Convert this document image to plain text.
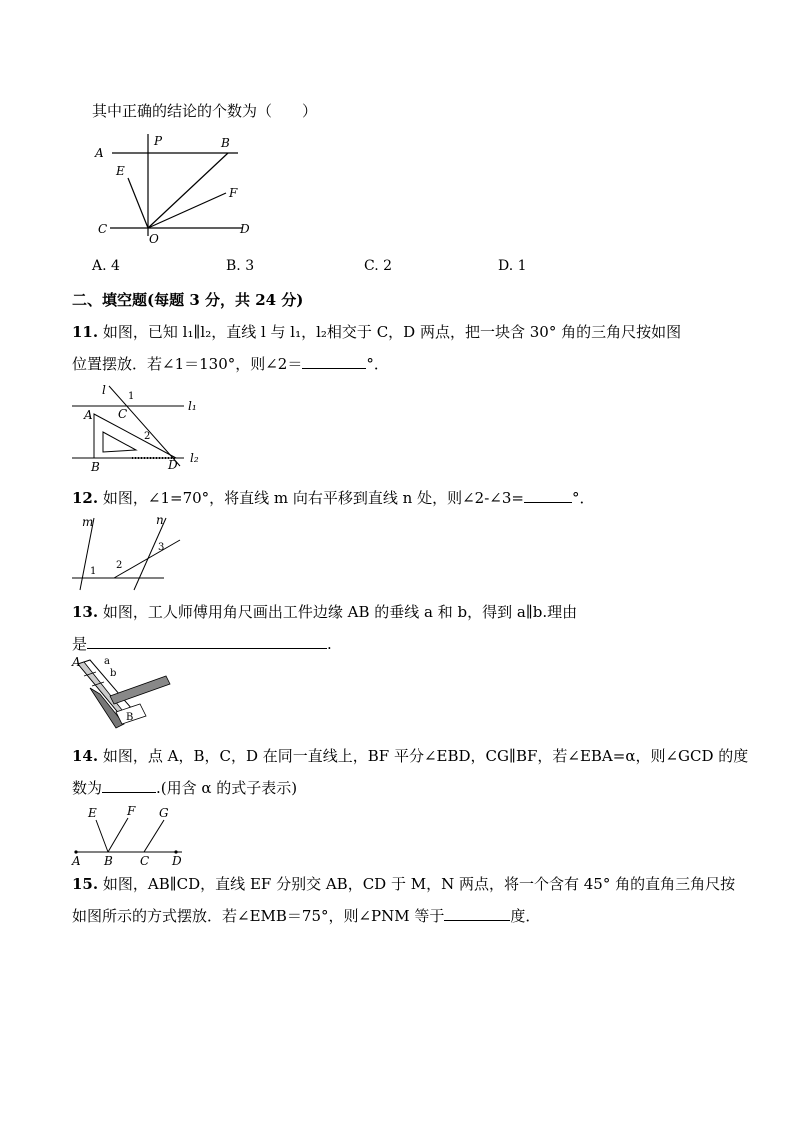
其中正确的结论的个数为（　　）
A
P	B
E
F
C
O
D
A. 4	B. 3	C. 2	D. 1
二、填空题(每题 3 分，共 24 分)
11. 如图，已知 l₁∥l₂，直线 l 与 l₁，l₂相交于 C，D 两点，把一块含 30° 角的三角尺按如图
位置摆放．若∠1＝130°，则∠2＝	°．
l 1
l₁
A C
2
B	D l₂
12. 如图，∠1=70°，将直线 m 向右平移到直线 n 处，则∠2-∠3=	°．
m	n
1
2
3
13. 如图，工人师傅用角尺画出工件边缘 AB 的垂线 a 和 b，得到 a∥b.理由
是	.
A a
b
B
14. 如图，点 A，B，C，D 在同一直线上，BF 平分∠EBD，CG∥BF，若∠EBA=α，则∠GCD 的度
数为	.(用含 α 的式子表示)
E	F G
A B C D
15. 如图，AB∥CD，直线 EF 分别交 AB，CD 于 M，N 两点，将一个含有 45° 角的直角三角尺按
如图所示的方式摆放．若∠EMB＝75°，则∠PNM 等于	度．
